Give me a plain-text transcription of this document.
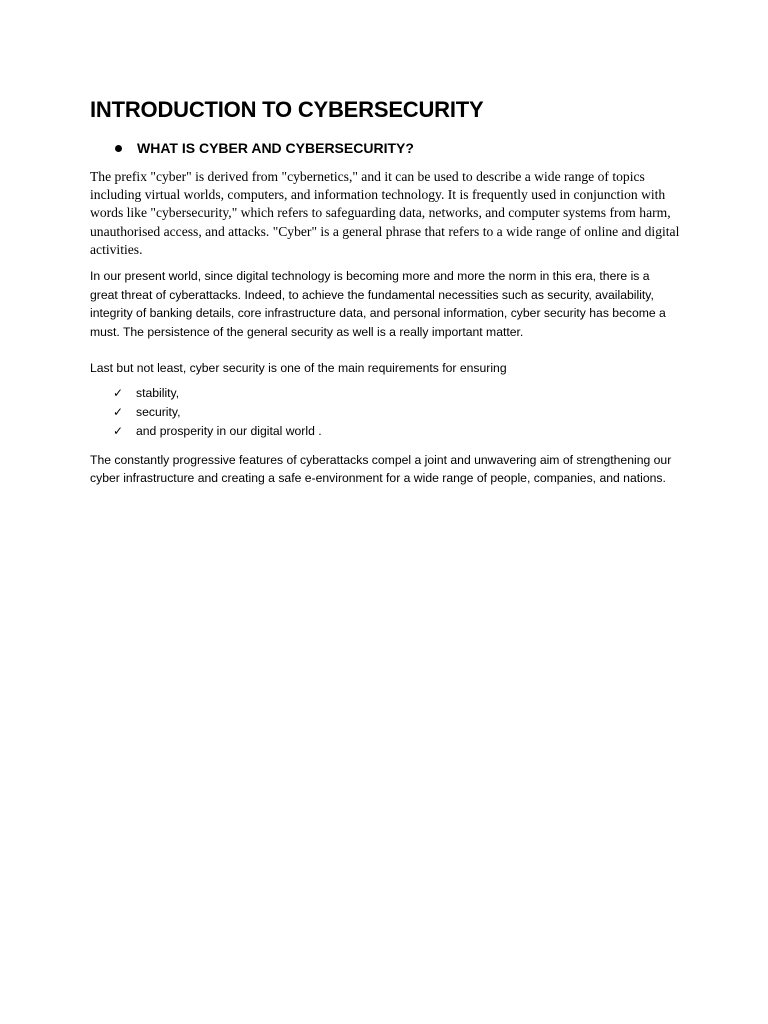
INTRODUCTION TO CYBERSECURITY
WHAT IS CYBER AND CYBERSECURITY?

The prefix "cyber" is derived from "cybernetics," and it can be used to describe a wide range of topics including virtual worlds, computers, and information technology. It is frequently used in conjunction with words like "cybersecurity," which refers to safeguarding data, networks, and computer systems from harm, unauthorised access, and attacks. "Cyber" is a general phrase that refers to a wide range of online and digital activities.

In our present world, since digital technology is becoming more and more the norm in this era, there is a great threat of cyberattacks. Indeed, to achieve the fundamental necessities such as security, availability, integrity of banking details, core infrastructure data, and personal information, cyber security has become a must. The persistence of the general security as well is a really important matter.

Last but not least, cyber security is one of the main requirements for ensuring

✓ stability,
✓ security,
✓ and prosperity in our digital world .

The constantly progressive features of cyberattacks compel a joint and unwavering aim of strengthening our cyber infrastructure and creating a safe e-environment for a wide range of people, companies, and nations.
